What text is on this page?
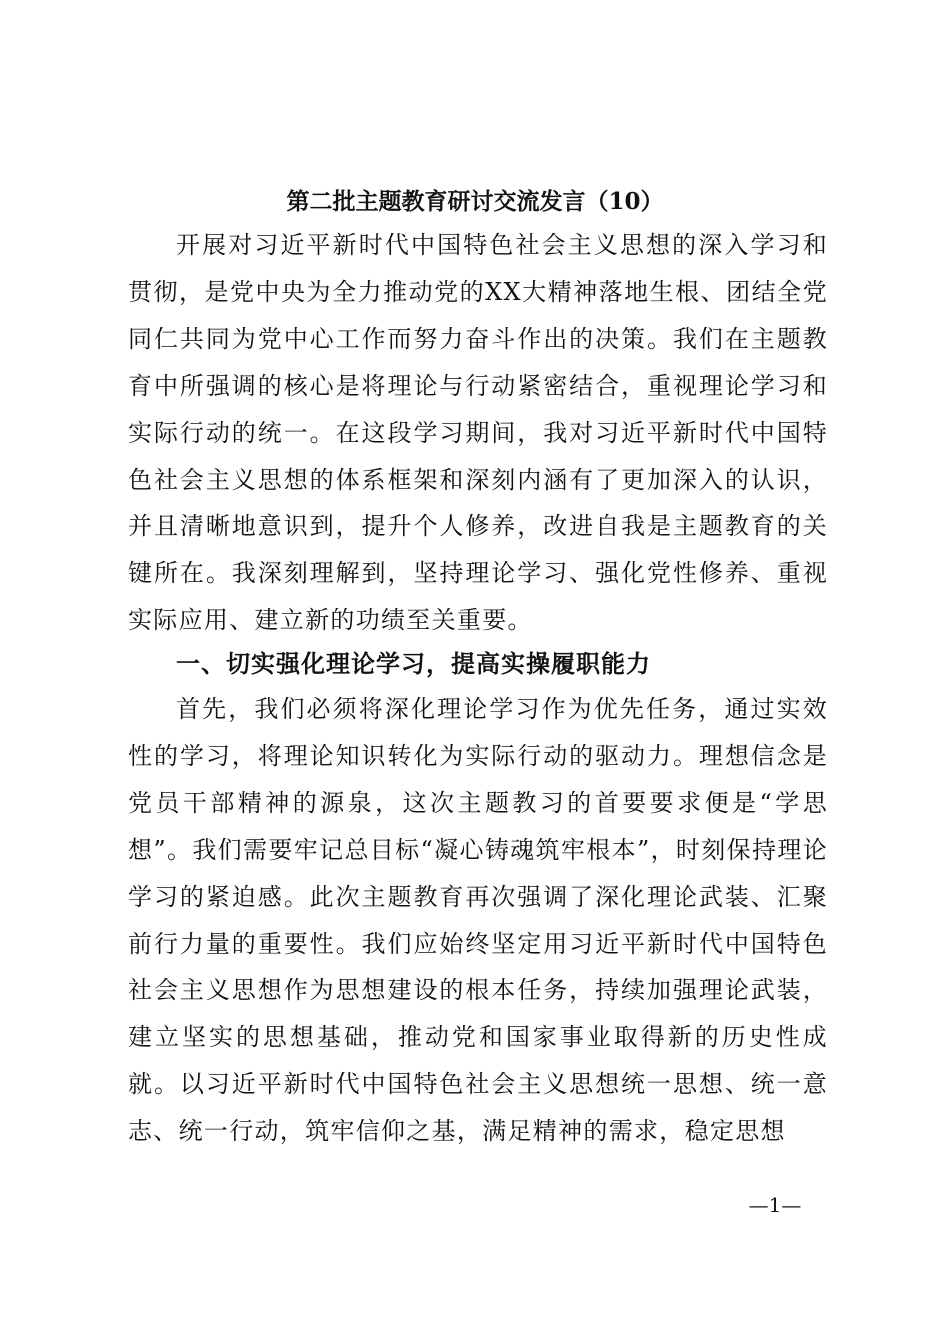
第二批主题教育研讨交流发言（10）

开展对习近平新时代中国特色社会主义思想的深入学习和贯彻，是党中央为全力推动党的XX大精神落地生根、团结全党同仁共同为党中心工作而努力奋斗作出的决策。我们在主题教育中所强调的核心是将理论与行动紧密结合，重视理论学习和实际行动的统一。在这段学习期间，我对习近平新时代中国特色社会主义思想的体系框架和深刻内涵有了更加深入的认识，并且清晰地意识到，提升个人修养，改进自我是主题教育的关键所在。我深刻理解到，坚持理论学习、强化党性修养、重视实际应用、建立新的功绩至关重要。

一、切实强化理论学习，提高实操履职能力

首先，我们必须将深化理论学习作为优先任务，通过实效性的学习，将理论知识转化为实际行动的驱动力。理想信念是党员干部精神的源泉，这次主题教习的首要要求便是“学思想”。我们需要牢记总目标“凝心铸魂筑牢根本”，时刻保持理论学习的紧迫感。此次主题教育再次强调了深化理论武装、汇聚前行力量的重要性。我们应始终坚定用习近平新时代中国特色社会主义思想作为思想建设的根本任务，持续加强理论武装，建立坚实的思想基础，推动党和国家事业取得新的历史性成就。以习近平新时代中国特色社会主义思想统一思想、统一意志、统一行动，筑牢信仰之基，满足精神的需求，稳定思想

—1—
